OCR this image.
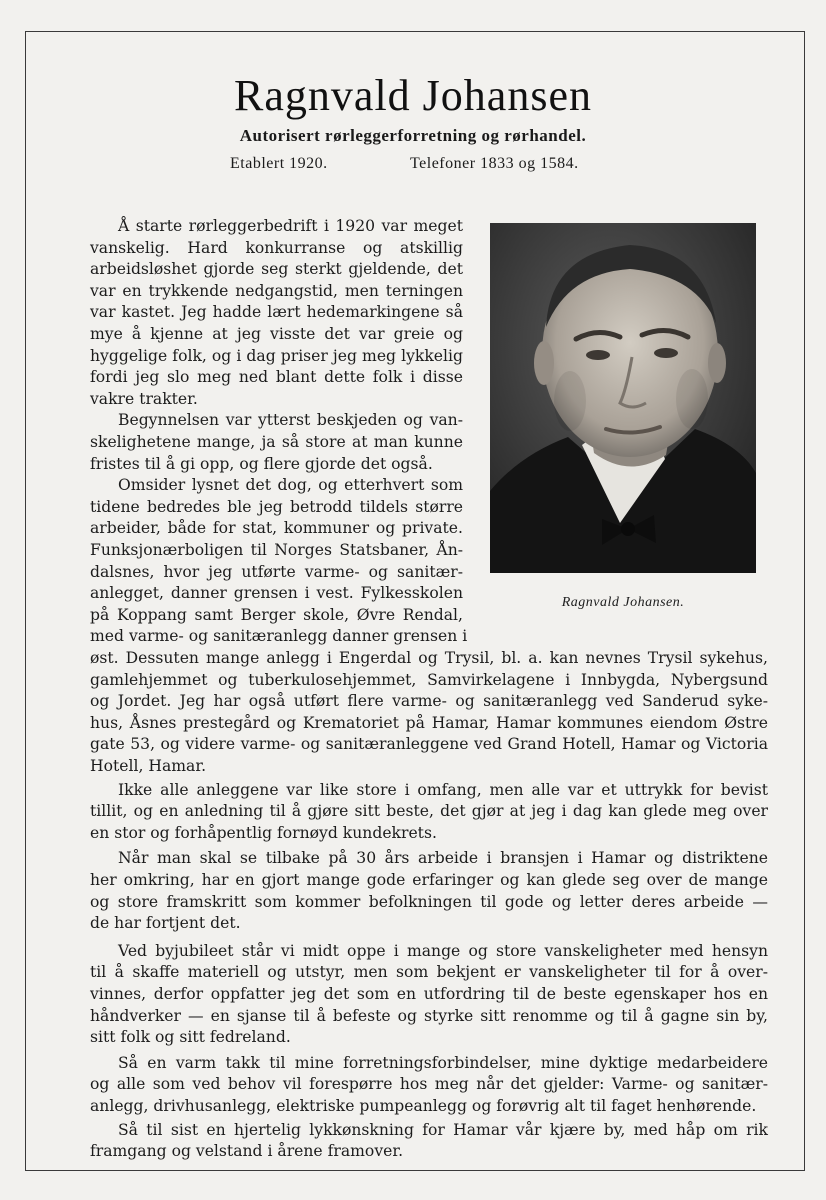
Ragnvald Johansen
Autorisert rørleggerforretning og rørhandel.
Etablert 1920.	Telefoner 1833 og 1584.
Ragnvald Johansen.
Å starte rørleggerbedrift i 1920 var meget
vanskelig. Hard konkurranse og atskillig
arbeidsløshet gjorde seg sterkt gjeldende, det
var en trykkende nedgangstid, men terningen
var kastet. Jeg hadde lært hedemarkingene så
mye å kjenne at jeg visste det var greie og
hyggelige folk, og i dag priser jeg meg lykkelig
fordi jeg slo meg ned blant dette folk i disse
vakre trakter.
Begynnelsen var ytterst beskjeden og van-
skelighetene mange, ja så store at man kunne
fristes til å gi opp, og flere gjorde det også.
Omsider lysnet det dog, og etterhvert som
tidene bedredes ble jeg betrodd tildels større
arbeider, både for stat, kommuner og private.
Funksjonærboligen til Norges Statsbaner, Ån-
dalsnes, hvor jeg utførte varme- og sanitær-
anlegget, danner grensen i vest. Fylkesskolen
på Koppang samt Berger skole, Øvre Rendal,
med varme- og sanitæranlegg danner grensen i
øst. Dessuten mange anlegg i Engerdal og Trysil, bl. a. kan nevnes Trysil sykehus,
gamlehjemmet og tuberkulosehjemmet, Samvirkelagene i Innbygda, Nybergsund
og Jordet. Jeg har også utført flere varme- og sanitæranlegg ved Sanderud syke-
hus, Åsnes prestegård og Krematoriet på Hamar, Hamar kommunes eiendom Østre
gate 53, og videre varme- og sanitæranleggene ved Grand Hotell, Hamar og Victoria
Hotell, Hamar.
Ikke alle anleggene var like store i omfang, men alle var et uttrykk for bevist
tillit, og en anledning til å gjøre sitt beste, det gjør at jeg i dag kan glede meg over
en stor og forhåpentlig fornøyd kundekrets.
Når man skal se tilbake på 30 års arbeide i bransjen i Hamar og distriktene
her omkring, har en gjort mange gode erfaringer og kan glede seg over de mange
og store framskritt som kommer befolkningen til gode og letter deres arbeide —
de har fortjent det.
Ved byjubileet står vi midt oppe i mange og store vanskeligheter med hensyn
til å skaffe materiell og utstyr, men som bekjent er vanskeligheter til for å over-
vinnes, derfor oppfatter jeg det som en utfordring til de beste egenskaper hos en
håndverker — en sjanse til å befeste og styrke sitt renomme og til å gagne sin by,
sitt folk og sitt fedreland.
Så en varm takk til mine forretningsforbindelser, mine dyktige medarbeidere
og alle som ved behov vil forespørre hos meg når det gjelder: Varme- og sanitær-
anlegg, drivhusanlegg, elektriske pumpeanlegg og forøvrig alt til faget henhørende.
Så til sist en hjertelig lykkønskning for Hamar vår kjære by, med håp om rik
framgang og velstand i årene framover.
